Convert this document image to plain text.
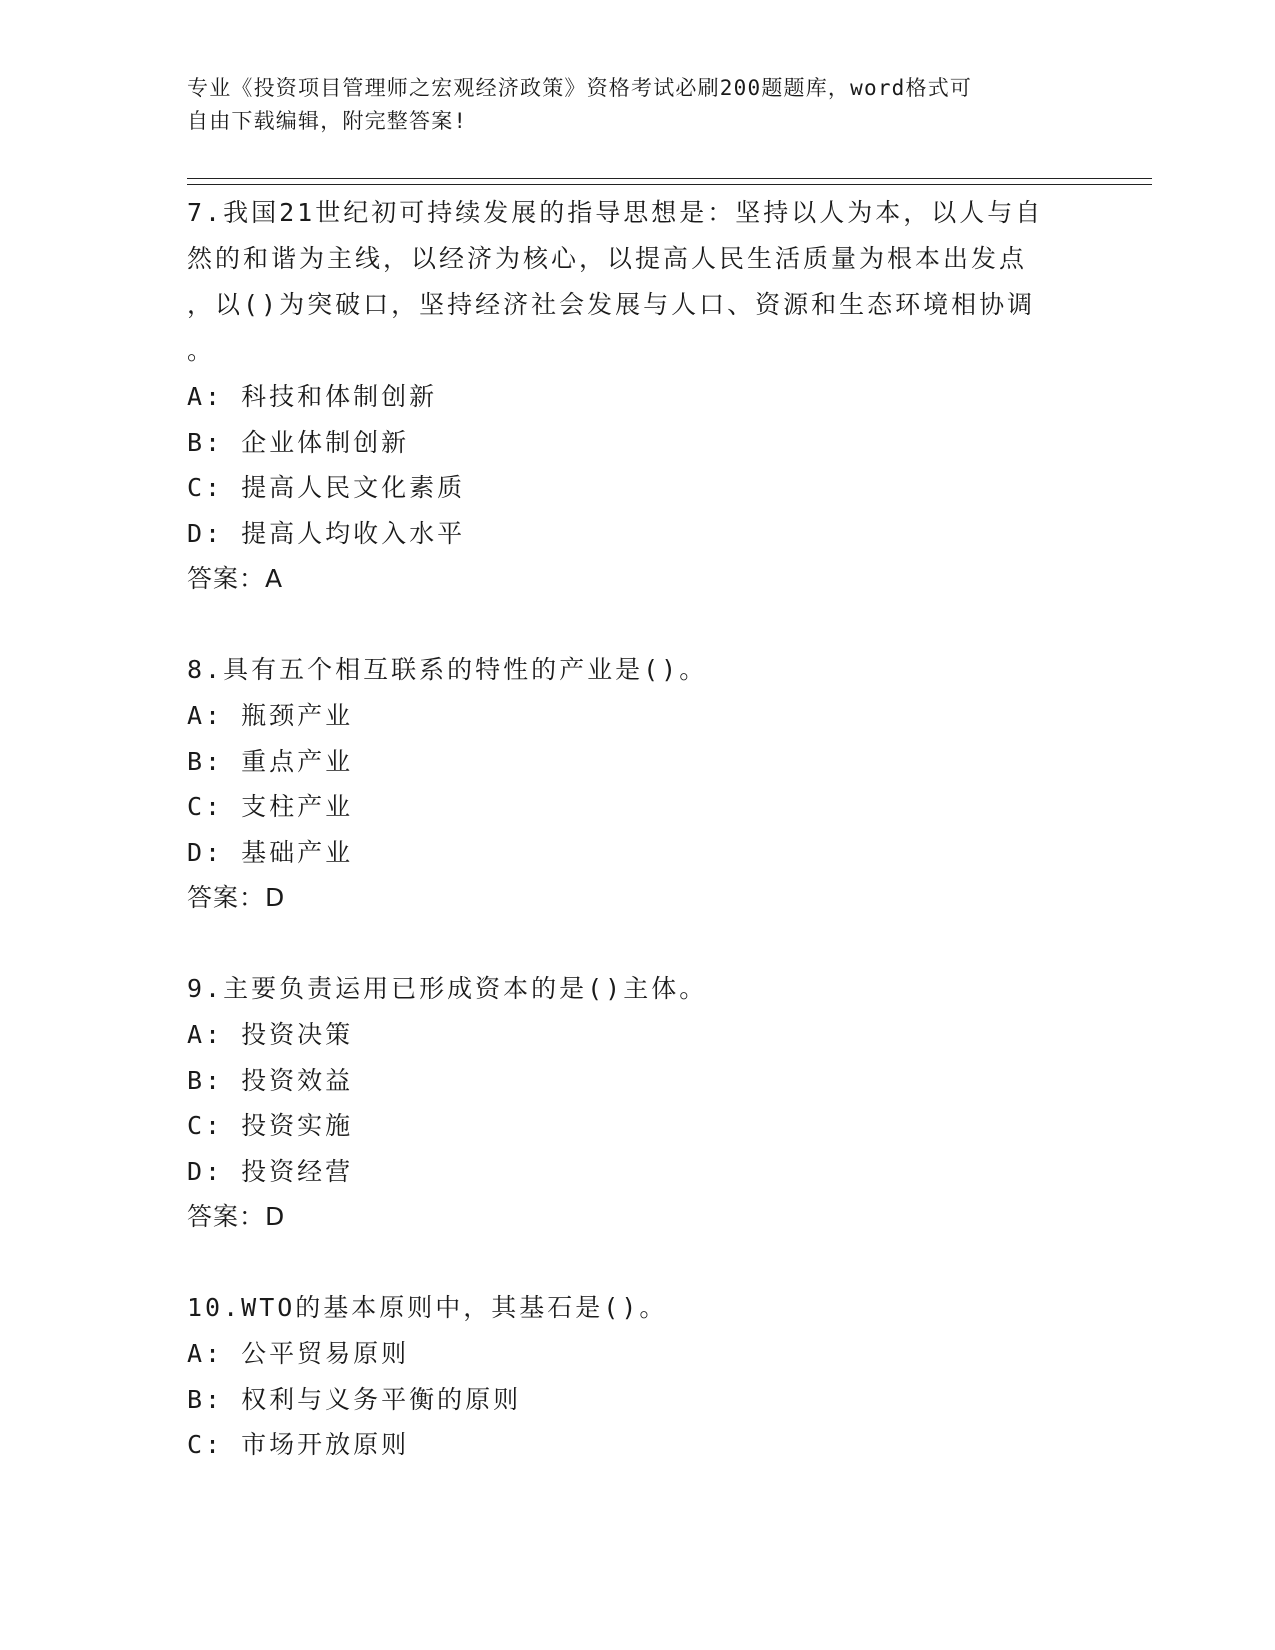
专业《投资项目管理师之宏观经济政策》资格考试必刷200题题库，word格式可
自由下载编辑，附完整答案!
7.我国21世纪初可持续发展的指导思想是：坚持以人为本，以人与自
然的和谐为主线，以经济为核心，以提高人民生活质量为根本出发点
，以()为突破口，坚持经济社会发展与人口、资源和生态环境相协调
。
A: 科技和体制创新
B: 企业体制创新
C: 提高人民文化素质
D: 提高人均收入水平
答案：A
8.具有五个相互联系的特性的产业是()。
A: 瓶颈产业
B: 重点产业
C: 支柱产业
D: 基础产业
答案：D
9.主要负责运用已形成资本的是()主体。
A: 投资决策
B: 投资效益
C: 投资实施
D: 投资经营
答案：D
10.WTO的基本原则中，其基石是()。
A: 公平贸易原则
B: 权利与义务平衡的原则
C: 市场开放原则
